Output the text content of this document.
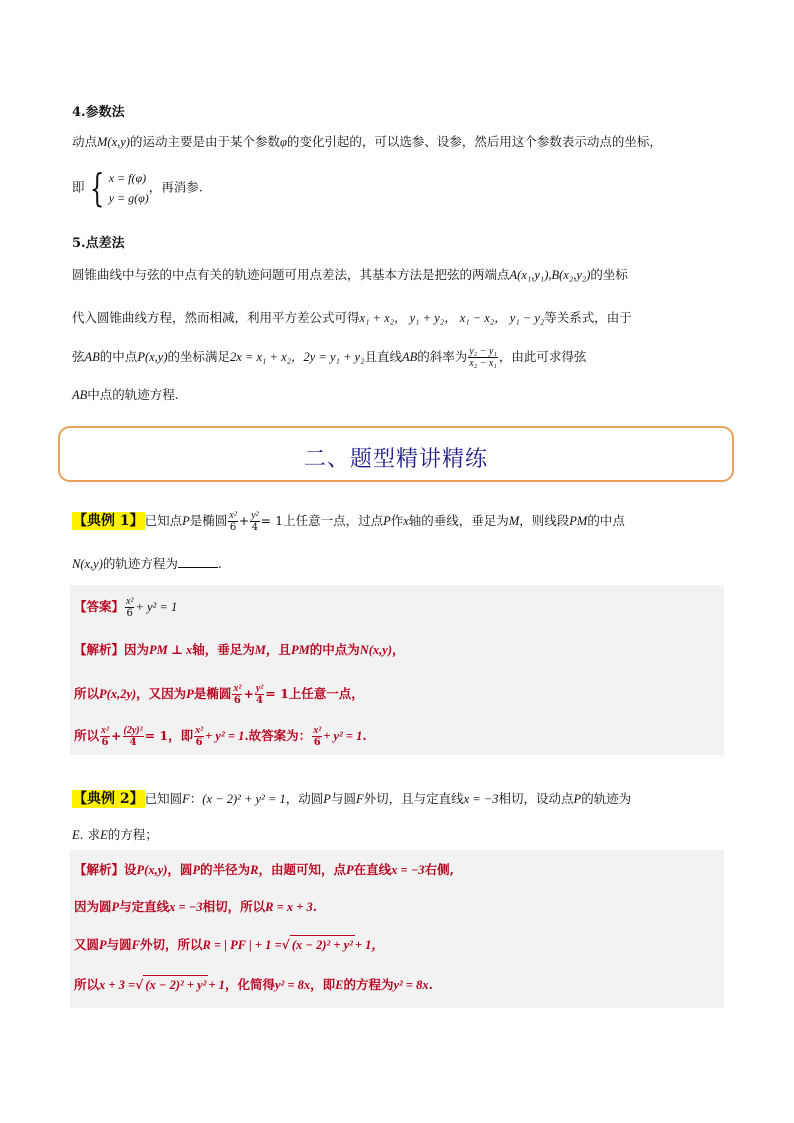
4.参数法
动点M(x,y)的运动主要是由于某个参数φ的变化引起的，可以选参、设参，然后用这个参数表示动点的坐标，
即 { x = f(φ)
y = g(φ)
，再消参.
5.点差法
圆锥曲线中与弦的中点有关的轨迹问题可用点差法，其基本方法是把弦的两端点A(x₁,y₁),B(x₂,y₂)的坐标
代入圆锥曲线方程，然而相减，利用平方差公式可得x₁ + x₂， y₁ + y₂， x₁ − x₂， y₁ − y₂等关系式，由于
弦AB的中点P(x,y)的坐标满足2x = x₁ + x₂，2y = y₁ + y₂且直线AB的斜率为 $\frac{\text{y₂ − y₁}}{\text{x₂ − x₁}}$ ，由此可求得弦
AB中点的轨迹方程.
二、题型精讲精练
【典例 1】已知点P是椭圆 $\frac{\text{x²}}{6} + \frac{\text{y²}}{4} = 1$上任意一点，过点P作x轴的垂线，垂足为M，则线段PM的中点
N(x,y)的轨迹方程为	.
【答案】 $\frac{\text{x²}}{6} + y^2 = 1$
【解析】因为PM ⊥ x轴，垂足为M，且PM的中点为N(x,y)，
所以P(x,2y)，又因为P是椭圆 $\frac{\text{x²}}{6} + \frac{\text{y²}}{4} = 1$上任意一点，
所以 $\frac{\text{x²}}{6} + \frac{\text{(2y)²}}{4} = 1$，即 $\frac{\text{x²}}{6} + y^2 = 1$.故答案为： $\frac{\text{x²}}{6} + y^2 = 1$.
【典例 2】已知圆F：(x − 2)² + y² = 1，动圆P与圆F外切，且与定直线x = −3相切，设动点P的轨迹为
E. 求E的方程；
【解析】设P(x,y)，圆P的半径为R，由题可知，点P在直线x = −3右侧,
因为圆P与定直线x = −3相切，所以R = x + 3.
又圆P与圆F外切，所以R = | PF | + 1 =√ (x − 2)² + y² + 1，
所以x + 3 =√ (x − 2)² + y² + 1，化简得y² = 8x，即E的方程为y² = 8x.
